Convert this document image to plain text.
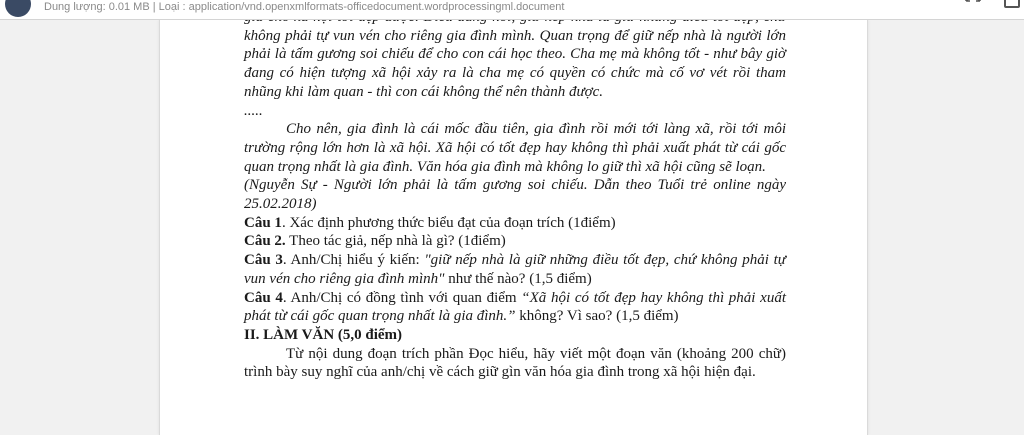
Dung lượng: 0.01 MB | Loại : application/vnd.openxmlformats-officedocument.wordprocessingml.document

không phải tự vun vén cho riêng gia đình mình. Quan trọng để giữ nếp nhà là người lớn phải là tấm gương soi chiếu để cho con cái học theo. Cha mẹ mà không tốt - như bây giờ đang có hiện tượng xã hội xảy ra là cha mẹ có quyền có chức mà cố vơ vét rồi tham nhũng khi làm quan - thì con cái không thể nên thành được.

.....

Cho nên, gia đình là cái mốc đầu tiên, gia đình rồi mới tới làng xã, rồi tới môi trường rộng lớn hơn là xã hội. Xã hội có tốt đẹp hay không thì phải xuất phát từ cái gốc quan trọng nhất là gia đình. Văn hóa gia đình mà không lo giữ thì xã hội cũng sẽ loạn.

(Nguyễn Sự - Người lớn phải là tấm gương soi chiếu. Dẫn theo Tuổi trẻ online ngày 25.02.2018)

Câu 1. Xác định phương thức biểu đạt của đoạn trích (1điểm)

Câu 2. Theo tác giả, nếp nhà là gì? (1điểm)

Câu 3. Anh/Chị hiểu ý kiến: "giữ nếp nhà là giữ những điều tốt đẹp, chứ không phải tự vun vén cho riêng gia đình mình" như thế nào? (1,5 điểm)

Câu 4. Anh/Chị có đồng tình với quan điểm “Xã hội có tốt đẹp hay không thì phải xuất phát từ cái gốc quan trọng nhất là gia đình.” không? Vì sao? (1,5 điểm)

II. LÀM VĂN (5,0 điểm)

Từ nội dung đoạn trích phần Đọc hiểu, hãy viết một đoạn văn (khoảng 200 chữ) trình bày suy nghĩ của anh/chị về cách giữ gìn văn hóa gia đình trong xã hội hiện đại.
